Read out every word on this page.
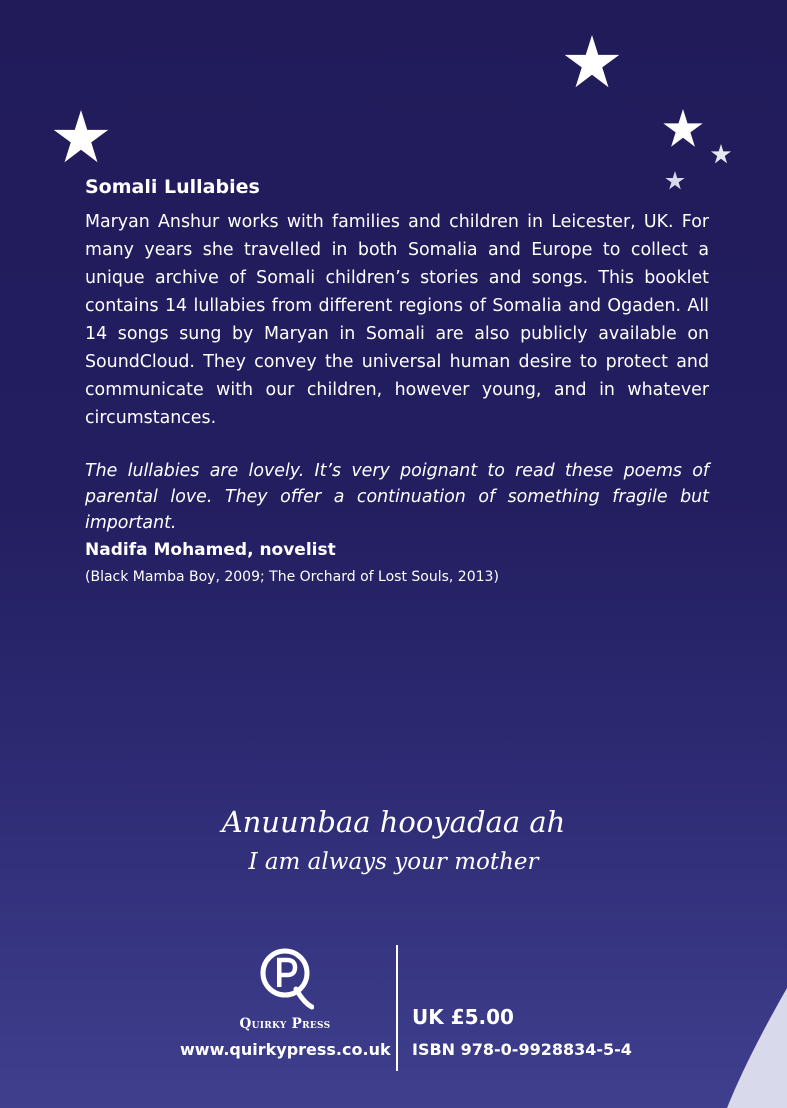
Somali Lullabies

Maryan Anshur works with families and children in Leicester, UK. For many years she travelled in both Somalia and Europe to collect a unique archive of Somali children’s stories and songs. This booklet contains 14 lullabies from different regions of Somalia and Ogaden. All 14 songs sung by Maryan in Somali are also publicly available on SoundCloud. They convey the universal human desire to protect and communicate with our children, however young, and in whatever circumstances.

The lullabies are lovely. It’s very poignant to read these poems of parental love. They offer a continuation of something fragile but important.

Nadifa Mohamed, novelist
(Black Mamba Boy, 2009; The Orchard of Lost Souls, 2013)
Anuunbaa hooyadaa ah
I am always your mother
Quirky Press
www.quirkypress.co.uk
UK £5.00
ISBN 978-0-9928834-5-4
